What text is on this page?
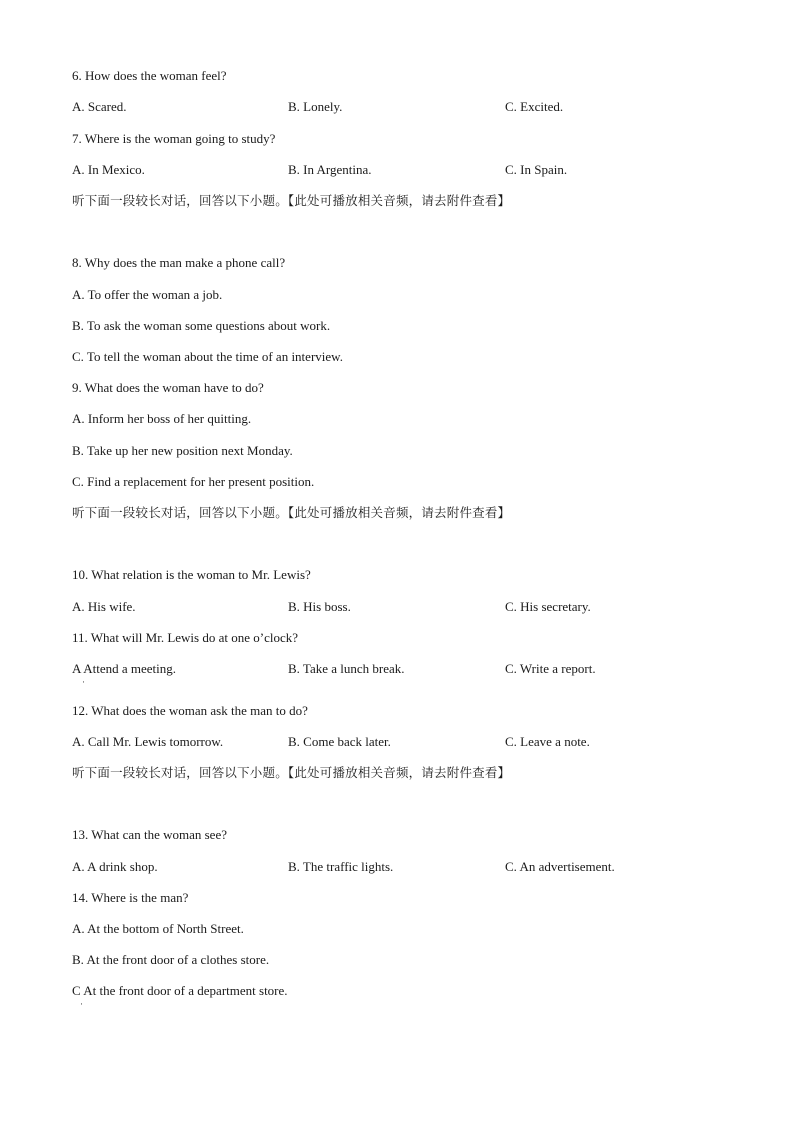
6. How does the woman feel?
A. Scared.	B. Lonely.	C. Excited.
7. Where is the woman going to study?
A. In Mexico.	B. In Argentina.	C. In Spain.
听下面一段较长对话，回答以下小题。【此处可播放相关音频，请去附件查看】
8. Why does the man make a phone call?
A. To offer the woman a job.
B. To ask the woman some questions about work.
C. To tell the woman about the time of an interview.
9. What does the woman have to do?
A. Inform her boss of her quitting.
B. Take up her new position next Monday.
C. Find a replacement for her present position.
听下面一段较长对话，回答以下小题。【此处可播放相关音频，请去附件查看】
10. What relation is the woman to Mr. Lewis?
A. His wife.	B. His boss.	C. His secretary.
11. What will Mr. Lewis do at one o’clock?
A Attend a meeting.
·
B. Take a lunch break.	C. Write a report.
12. What does the woman ask the man to do?
A. Call Mr. Lewis tomorrow.	B. Come back later.	C. Leave a note.
听下面一段较长对话，回答以下小题。【此处可播放相关音频，请去附件查看】
13. What can the woman see?
A. A drink shop.	B. The traffic lights.	C. An advertisement.
14. Where is the man?
A. At the bottom of North Street.
B. At the front door of a clothes store.
C At the front door of a department store.
·
